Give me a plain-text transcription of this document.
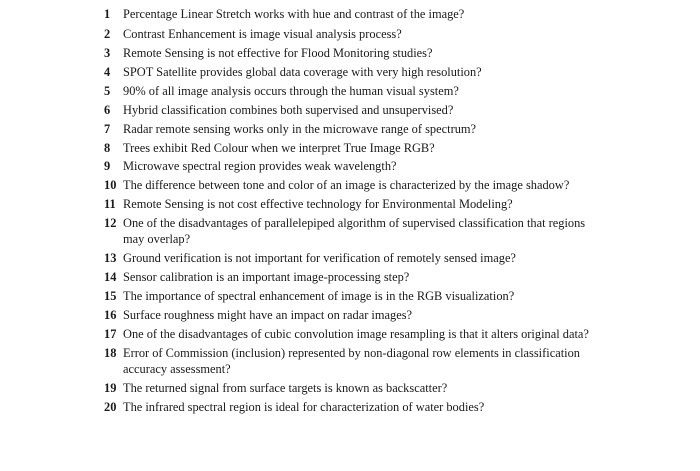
1	Percentage Linear Stretch works with hue and contrast of the image?
2	Contrast Enhancement is image visual analysis process?
3	Remote Sensing is not effective for Flood Monitoring studies?
4	SPOT Satellite provides global data coverage with very high resolution?
5	90% of all image analysis occurs through the human visual system?
6	Hybrid classification combines both supervised and unsupervised?
7	Radar remote sensing works only in the microwave range of spectrum?
8	Trees exhibit Red Colour when we interpret True Image RGB?
9	Microwave spectral region provides weak wavelength?
10 The difference between tone and color of an image is characterized by the image shadow?
11 Remote Sensing is not cost effective technology for Environmental Modeling?
12 One of the disadvantages of parallelepiped algorithm of supervised classification that regions may overlap?
13 Ground verification is not important for verification of remotely sensed image?
14 Sensor calibration is an important image-processing step?
15 The importance of spectral enhancement of image is in the RGB visualization?
16 Surface roughness might have an impact on radar images?
17 One of the disadvantages of cubic convolution image resampling is that it alters original data?
18 Error of Commission (inclusion) represented by non-diagonal row elements in classification accuracy assessment?
19 The returned signal from surface targets is known as backscatter?
20 The infrared spectral region is ideal for characterization of water bodies?
